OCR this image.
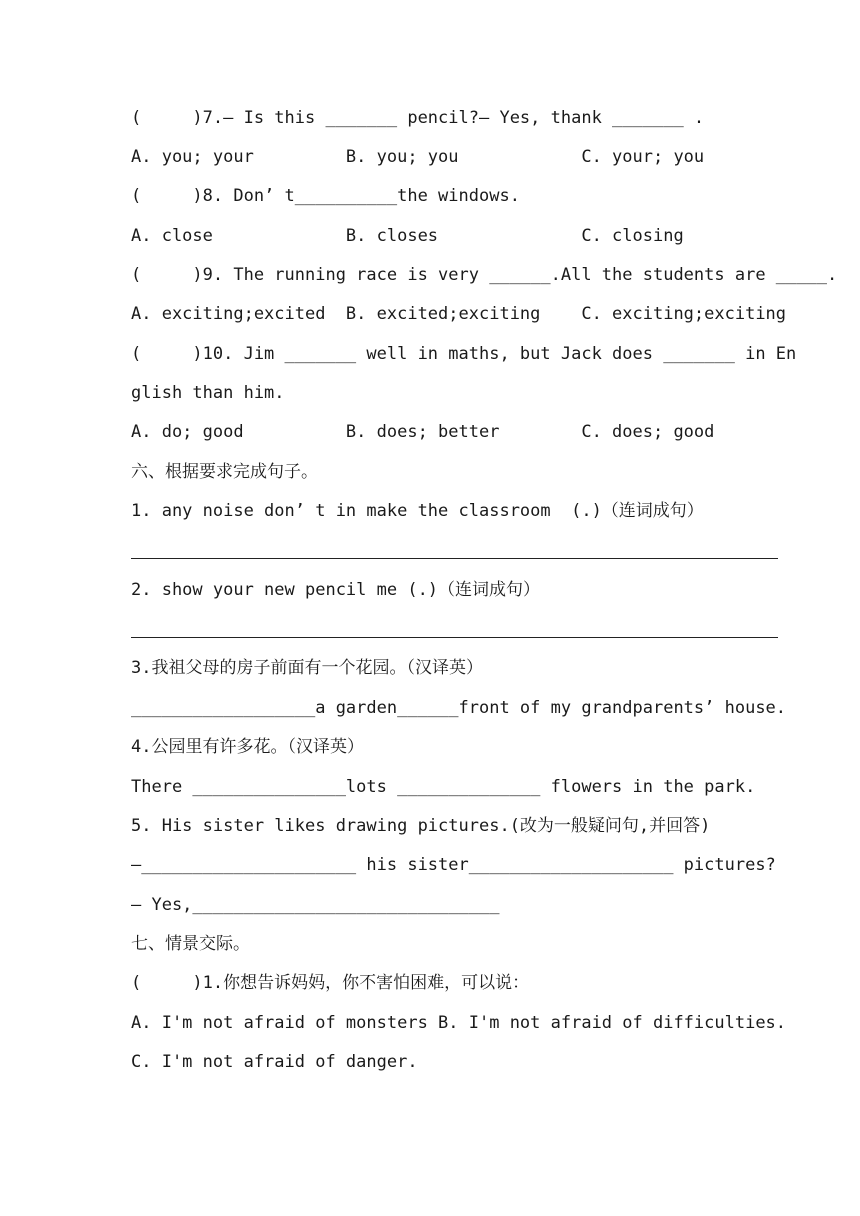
(     )7.— Is this _______ pencil?— Yes, thank _______ .
A. you; your         B. you; you            C. your; you
(     )8. Don’ t__________the windows.
A. close             B. closes              C. closing
(     )9. The running race is very ______.All the students are _____.
A. exciting;excited  B. excited;exciting    C. exciting;exciting
(     )10. Jim _______ well in maths, but Jack does _______ in En
glish than him.
A. do; good          B. does; better        C. does; good
六、根据要求完成句子。
1. any noise don’ t in make the classroom  (.)（连词成句）
2. show your new pencil me (.)（连词成句）
3.我祖父母的房子前面有一个花园。（汉译英）
__________________a garden______front of my grandparents’ house.
4.公园里有许多花。（汉译英）
There _______________lots ______________ flowers in the park.
5. His sister likes drawing pictures.(改为一般疑问句,并回答)
—_____________________ his sister____________________ pictures?
— Yes,______________________________
七、情景交际。
(     )1.你想告诉妈妈，你不害怕困难，可以说：
A. I'm not afraid of monsters B. I'm not afraid of difficulties.
C. I'm not afraid of danger.
